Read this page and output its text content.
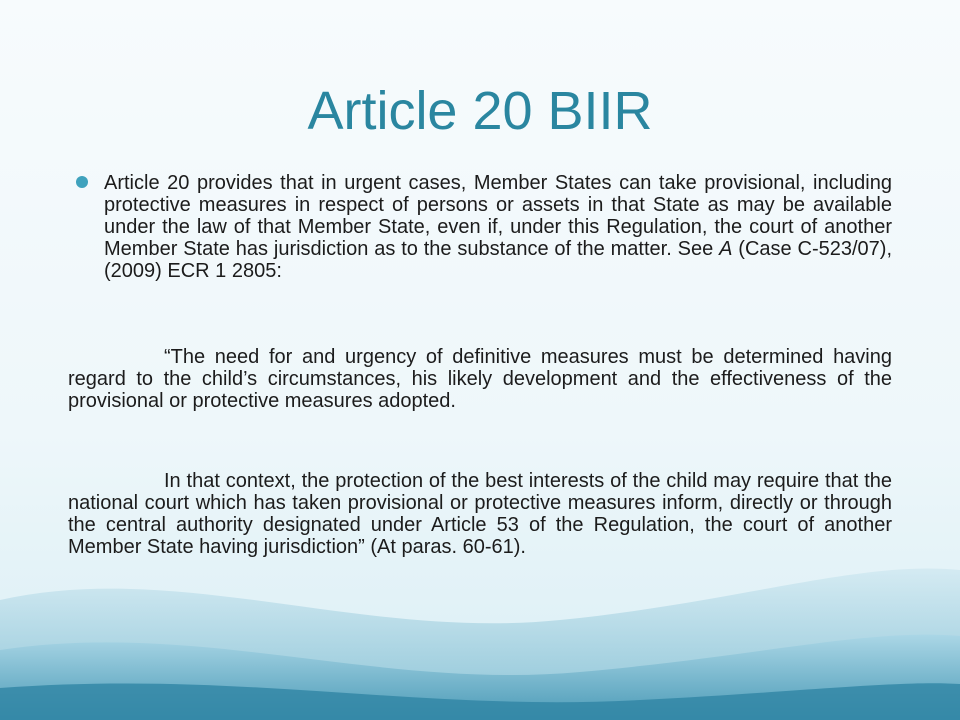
Article 20 BIIR

Article 20 provides that in urgent cases, Member States can take provisional, including protective measures in respect of persons or assets in that State as may be available under the law of that Member State, even if, under this Regulation, the court of another Member State has jurisdiction as to the substance of the matter. See A (Case C-523/07), (2009) ECR 1 2805:

“The need for and urgency of definitive measures must be determined having regard to the child’s circumstances, his likely development and the effectiveness of the provisional or protective measures adopted.

In that context, the protection of the best interests of the child may require that the national court which has taken provisional or protective measures inform, directly or through the central authority designated under Article 53 of the Regulation, the court of another Member State having jurisdiction” (At paras. 60-61).
